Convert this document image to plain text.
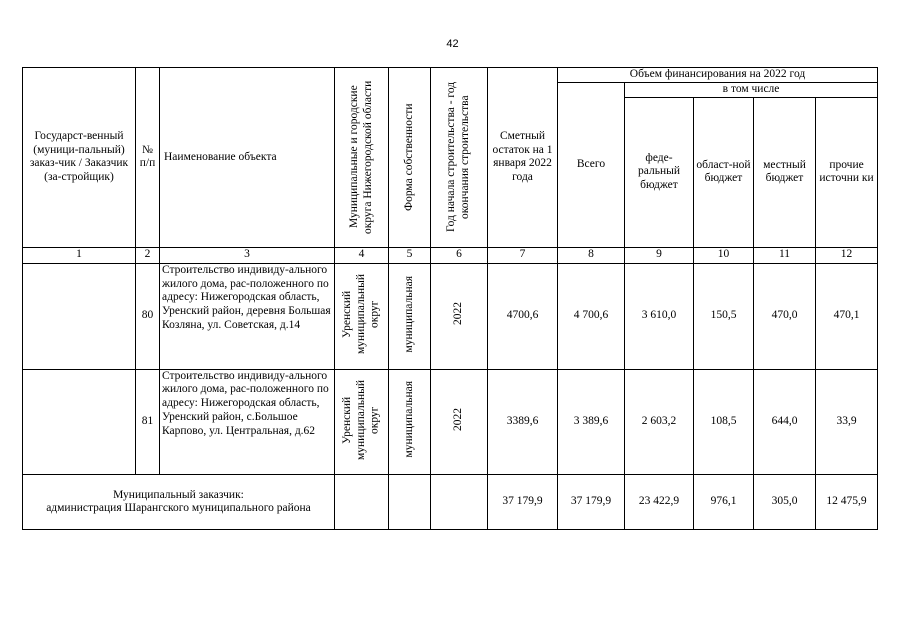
42
Государст-венный (муници-пальный) заказ-чик / Заказчик (за-стройщик)	№ п/п	Наименование объекта	Муниципальные и городские округа Нижегородской области	Форма собственности	Год начала строительства - год окончания строительства	Сметный остаток на 1 января 2022 года	Объем финансирования на 2022 год				
							Всего	в том числе			
								феде-ральный бюджет	област-ной бюджет	местный бюджет	прочие источни ки
1	2	3	4	5	6	7	8	9	10	11	12
	80	Строительство индивиду-ального жилого дома, рас-положенного по адресу: Нижегородская область, Уренский район, деревня Большая Козляна, ул. Советская, д.14	Уренский муниципальный округ	муниципальная	2022	4700,6	4 700,6	3 610,0	150,5	470,0	470,1
	81	Строительство индивиду-ального жилого дома, рас-положенного по адресу: Нижегородская область, Уренский район, с.Большое Карпово, ул. Центральная, д.62	Уренский муниципальный округ	муниципальная	2022	3389,6	3 389,6	2 603,2	108,5	644,0	33,9

Муниципальный заказчик:
администрация Шарангского муниципального района						37 179,9	37 179,9	23 422,9	976,1	305,0	12 475,9
